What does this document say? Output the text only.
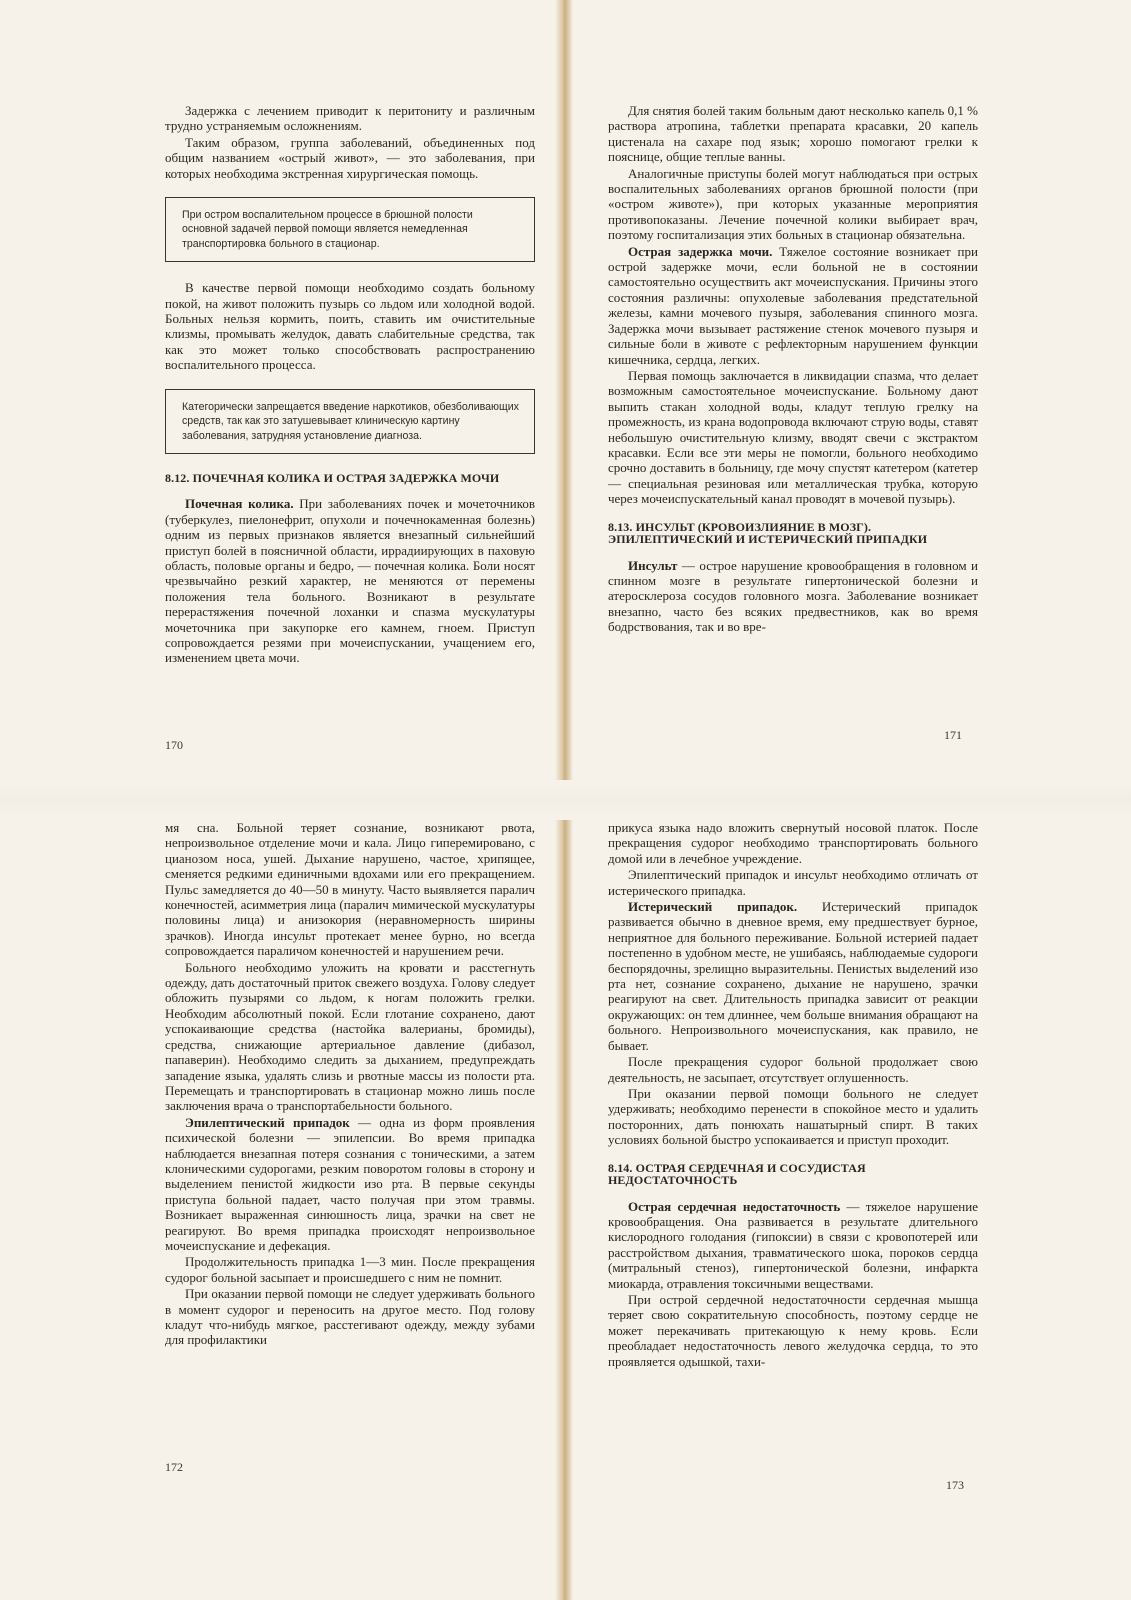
Задержка с лечением приводит к перитониту и различным трудно устраняемым осложнениям.

Таким образом, группа заболеваний, объединенных под общим названием «острый живот», — это заболевания, при которых необходима экстренная хирургическая помощь.

При остром воспалительном процессе в брюшной полости основной задачей первой помощи является немедленная транспортировка больного в стационар.

В качестве первой помощи необходимо создать больному покой, на живот положить пузырь со льдом или холодной водой. Больных нельзя кормить, поить, ставить им очистительные клизмы, промывать желудок, давать слабительные средства, так как это может только способствовать распространению воспалительного процесса.

Категорически запрещается введение наркотиков, обезболивающих средств, так как это затушевывает клиническую картину заболевания, затрудняя установление диагноза.
8.12. ПОЧЕЧНАЯ КОЛИКА И ОСТРАЯ ЗАДЕРЖКА МОЧИ

Почечная колика. При заболеваниях почек и мочеточников (туберкулез, пиелонефрит, опухоли и почечнокаменная болезнь) одним из первых признаков является внезапный сильнейший приступ болей в поясничной области, иррадиирующих в паховую область, половые органы и бедро, — почечная колика. Боли носят чрезвычайно резкий характер, не меняются от перемены положения тела больного. Возникают в результате перерастяжения почечной лоханки и спазма мускулатуры мочеточника при закупорке его камнем, гноем. Приступ сопровождается резями при мочеиспускании, учащением его, изменением цвета мочи.

170

Для снятия болей таким больным дают несколько капель 0,1 % раствора атропина, таблетки препарата красавки, 20 капель цистенала на сахаре под язык; хорошо помогают грелки к пояснице, общие теплые ванны.

Аналогичные приступы болей могут наблюдаться при острых воспалительных заболеваниях органов брюшной полости (при «остром животе»), при которых указанные мероприятия противопоказаны. Лечение почечной колики выбирает врач, поэтому госпитализация этих больных в стационар обязательна.

Острая задержка мочи. Тяжелое состояние возникает при острой задержке мочи, если больной не в состоянии самостоятельно осуществить акт мочеиспускания. Причины этого состояния различны: опухолевые заболевания предстательной железы, камни мочевого пузыря, заболевания спинного мозга. Задержка мочи вызывает растяжение стенок мочевого пузыря и сильные боли в животе с рефлекторным нарушением функции кишечника, сердца, легких.

Первая помощь заключается в ликвидации спазма, что делает возможным самостоятельное мочеиспускание. Больному дают выпить стакан холодной воды, кладут теплую грелку на промежность, из крана водопровода включают струю воды, ставят небольшую очистительную клизму, вводят свечи с экстрактом красавки. Если все эти меры не помогли, больного необходимо срочно доставить в больницу, где мочу спустят катетером (катетер — специальная резиновая или металлическая трубка, которую через мочеиспускательный канал проводят в мочевой пузырь).

8.13. ИНСУЛЬТ (КРОВОИЗЛИЯНИЕ В МОЗГ). ЭПИЛЕПТИЧЕСКИЙ И ИСТЕРИЧЕСКИЙ ПРИПАДКИ

Инсульт — острое нарушение кровообращения в головном и спинном мозге в результате гипертонической болезни и атеросклероза сосудов головного мозга. Заболевание возникает внезапно, часто без всяких предвестников, как во время бодрствования, так и во вре-

171

мя сна. Больной теряет сознание, возникают рвота, непроизвольное отделение мочи и кала. Лицо гиперемировано, с цианозом носа, ушей. Дыхание нарушено, частое, хрипящее, сменяется редкими единичными вдохами или его прекращением. Пульс замедляется до 40—50 в минуту. Часто выявляется паралич конечностей, асимметрия лица (паралич мимической мускулатуры половины лица) и анизокория (неравномерность ширины зрачков). Иногда инсульт протекает менее бурно, но всегда сопровождается параличом конечностей и нарушением речи.

Больного необходимо уложить на кровати и расстегнуть одежду, дать достаточный приток свежего воздуха. Голову следует обложить пузырями со льдом, к ногам положить грелки. Необходим абсолютный покой. Если глотание сохранено, дают успокаивающие средства (настойка валерианы, бромиды), средства, снижающие артериальное давление (дибазол, папаверин). Необходимо следить за дыханием, предупреждать западение языка, удалять слизь и рвотные массы из полости рта. Перемещать и транспортировать в стационар можно лишь после заключения врача о транспортабельности больного.

Эпилептический припадок — одна из форм проявления психической болезни — эпилепсии. Во время припадка наблюдается внезапная потеря сознания с тоническими, а затем клоническими судорогами, резким поворотом головы в сторону и выделением пенистой жидкости изо рта. В первые секунды приступа больной падает, часто получая при этом травмы. Возникает выраженная синюшность лица, зрачки на свет не реагируют. Во время припадка происходят непроизвольное мочеиспускание и дефекация.

Продолжительность припадка 1—3 мин. После прекращения судорог больной засыпает и происшедшего с ним не помнит.

При оказании первой помощи не следует удерживать больного в момент судорог и переносить на другое место. Под голову кладут что-нибудь мягкое, расстегивают одежду, между зубами для профилактики

172

прикуса языка надо вложить свернутый носовой платок. После прекращения судорог необходимо транспортировать больного домой или в лечебное учреждение.

Эпилептический припадок и инсульт необходимо отличать от истерического припадка.

Истерический припадок. Истерический припадок развивается обычно в дневное время, ему предшествует бурное, неприятное для больного переживание. Больной истерией падает постепенно в удобном месте, не ушибаясь, наблюдаемые судороги беспорядочны, зрелищно выразительны. Пенистых выделений изо рта нет, сознание сохранено, дыхание не нарушено, зрачки реагируют на свет. Длительность припадка зависит от реакции окружающих: он тем длиннее, чем больше внимания обращают на больного. Непроизвольного мочеиспускания, как правило, не бывает.

После прекращения судорог больной продолжает свою деятельность, не засыпает, отсутствует оглушенность.

При оказании первой помощи больного не следует удерживать; необходимо перенести в спокойное место и удалить посторонних, дать понюхать нашатырный спирт. В таких условиях больной быстро успокаивается и приступ проходит.

8.14. ОСТРАЯ СЕРДЕЧНАЯ И СОСУДИСТАЯ НЕДОСТАТОЧНОСТЬ

Острая сердечная недостаточность — тяжелое нарушение кровообращения. Она развивается в результате длительного кислородного голодания (гипоксии) в связи с кровопотерей или расстройством дыхания, травматического шока, пороков сердца (митральный стеноз), гипертонической болезни, инфаркта миокарда, отравления токсичными веществами.

При острой сердечной недостаточности сердечная мышца теряет свою сократительную способность, поэтому сердце не может перекачивать притекающую к нему кровь. Если преобладает недостаточность левого желудочка сердца, то это проявляется одышкой, тахи-

173
